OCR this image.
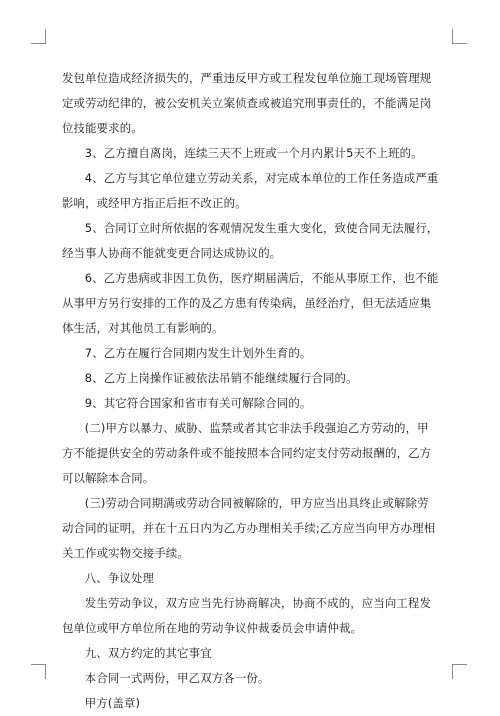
发包单位造成经济损失的，严重违反甲方或工程发包单位施工现场管理规定或劳动纪律的，被公安机关立案侦查或被追究刑事责任的，不能满足岗位技能要求的。

3、乙方擅自离岗，连续三天不上班或一个月内累计5天不上班的。

4、乙方与其它单位建立劳动关系，对完成本单位的工作任务造成严重影响，或经甲方指正后拒不改正的。

5、合同订立时所依据的客观情况发生重大变化，致使合同无法履行，经当事人协商不能就变更合同达成协议的。

6、乙方患病或非因工负伤，医疗期届满后，不能从事原工作，也不能从事甲方另行安排的工作的及乙方患有传染病，虽经治疗，但无法适应集体生活，对其他员工有影响的。

7、乙方在履行合同期内发生计划外生育的。

8、乙方上岗操作证被依法吊销不能继续履行合同的。

9、其它符合国家和省市有关可解除合同的。

(二)甲方以暴力、威胁、监禁或者其它非法手段强迫乙方劳动的，甲方不能提供安全的劳动条件或不能按照本合同约定支付劳动报酬的，乙方可以解除本合同。

(三)劳动合同期满或劳动合同被解除的，甲方应当出具终止或解除劳动合同的证明，并在十五日内为乙方办理相关手续;乙方应当向甲方办理相关工作或实物交接手续。

八、争议处理

发生劳动争议，双方应当先行协商解决，协商不成的，应当向工程发包单位或甲方单位所在地的劳动争议仲裁委员会申请仲裁。

九、双方约定的其它事宜

本合同一式两份，甲乙双方各一份。

甲方(盖章)
